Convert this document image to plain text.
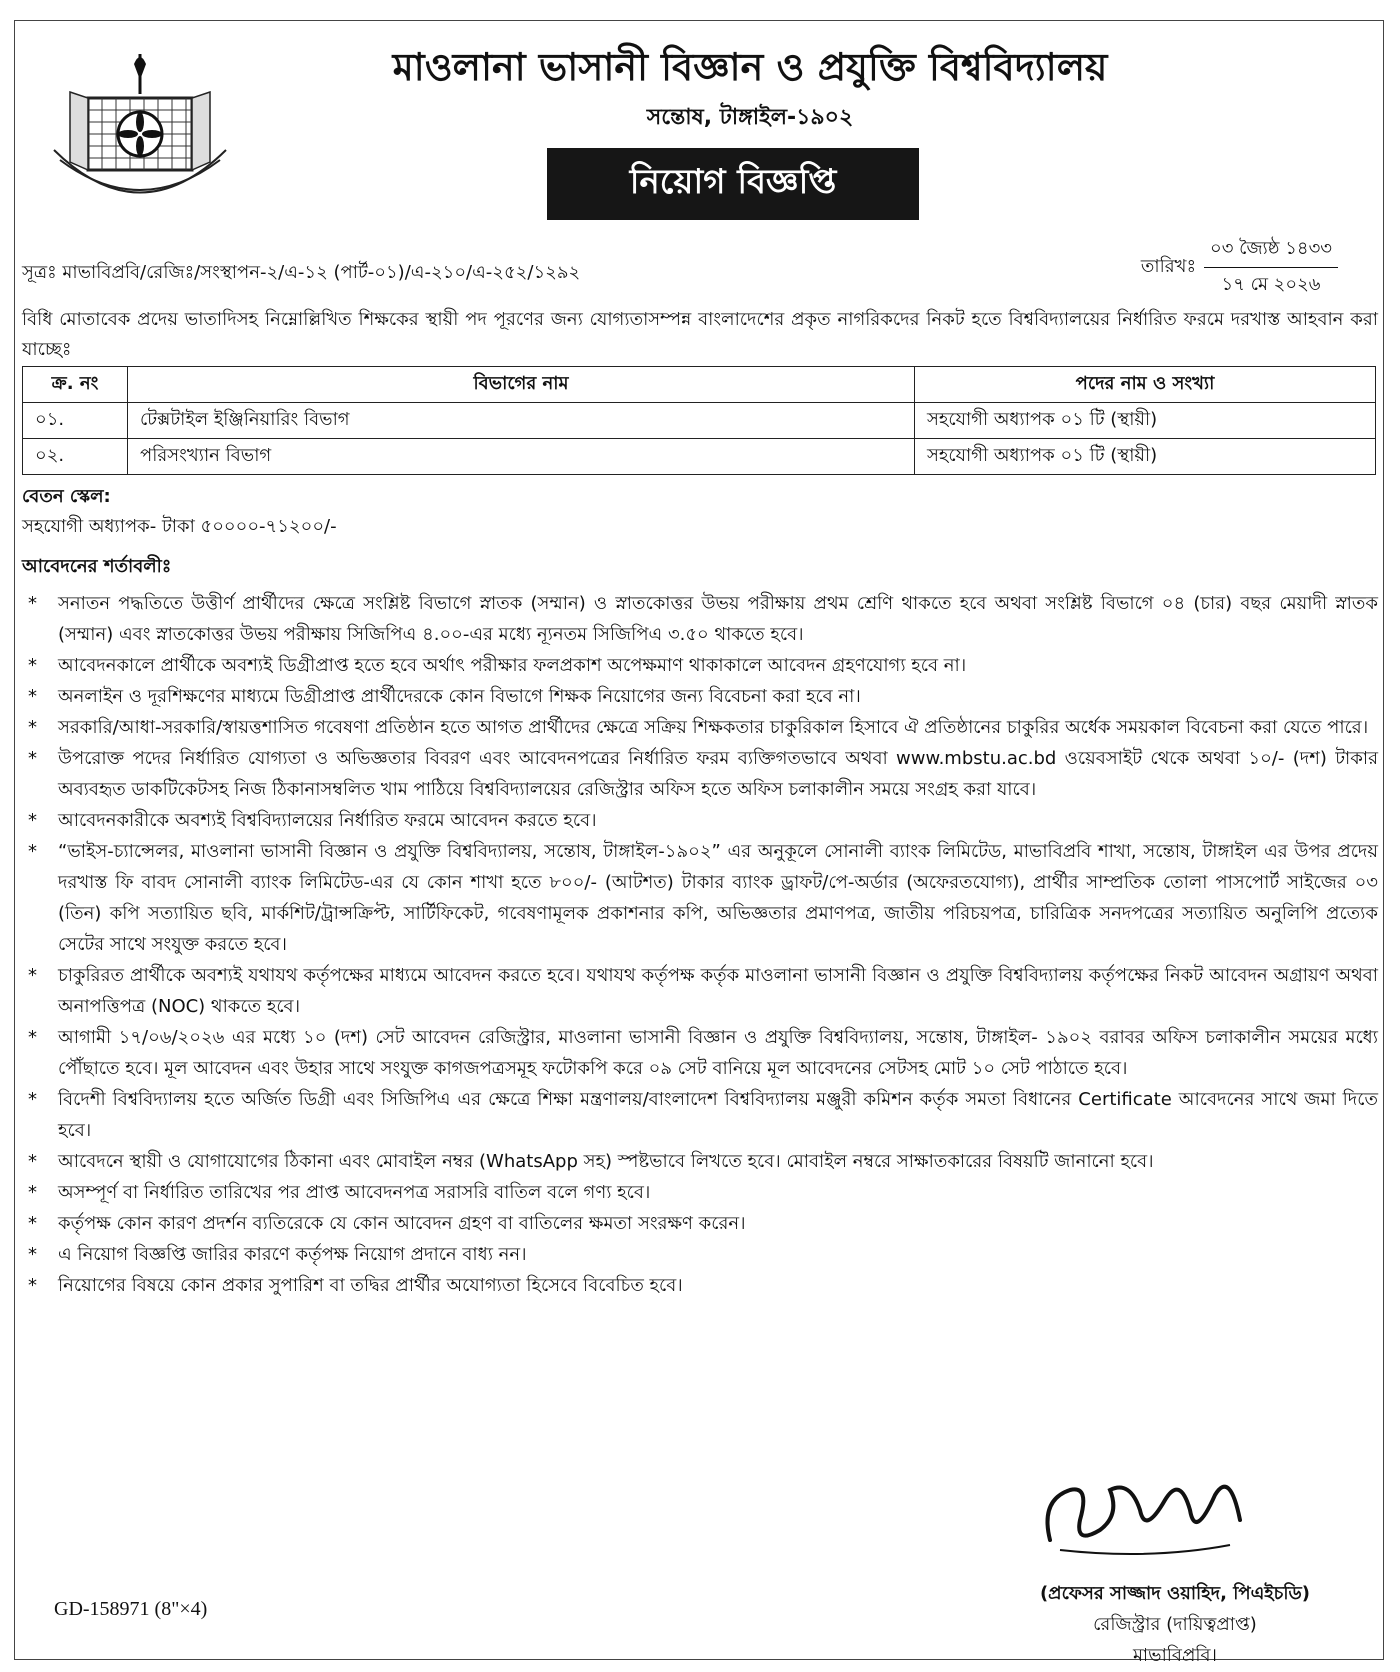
মাওলানা ভাসানী বিজ্ঞান ও প্রযুক্তি বিশ্ববিদ্যালয়
সন্তোষ, টাঙ্গাইল-১৯০২
নিয়োগ বিজ্ঞপ্তি
সূত্রঃ মাভাবিপ্রবি/রেজিঃ/সংস্থাপন-২/এ-১২ (পার্ট-০১)/এ-২১০/এ-২৫২/১২৯২	তারিখঃ
০৩ জ্যৈষ্ঠ ১৪৩৩
১৭ মে ২০২৬
বিধি মোতাবেক প্রদেয় ভাতাদিসহ নিম্নোল্লিখিত শিক্ষকের স্থায়ী পদ পূরণের জন্য যোগ্যতাসম্পন্ন বাংলাদেশের প্রকৃত নাগরিকদের নিকট হতে বিশ্ববিদ্যালয়ের নির্ধারিত ফরমে দরখাস্ত আহবান করা যাচ্ছেঃ
ক্র. নং	বিভাগের নাম	পদের নাম ও সংখ্যা
০১.	টেক্সটাইল ইঞ্জিনিয়ারিং বিভাগ	সহযোগী অধ্যাপক ০১ টি (স্থায়ী)
০২.	পরিসংখ্যান বিভাগ	সহযোগী অধ্যাপক ০১ টি (স্থায়ী)
বেতন স্কেল:
সহযোগী অধ্যাপক- টাকা ৫০০০০-৭১২০০/-
আবেদনের শর্তাবলীঃ
* সনাতন পদ্ধতিতে উত্তীর্ণ প্রার্থীদের ক্ষেত্রে সংশ্লিষ্ট বিভাগে স্নাতক (সম্মান) ও স্নাতকোত্তর উভয় পরীক্ষায় প্রথম শ্রেণি থাকতে হবে অথবা সংশ্লিষ্ট বিভাগে ০৪ (চার) বছর মেয়াদী স্নাতক (সম্মান) এবং স্নাতকোত্তর উভয় পরীক্ষায় সিজিপিএ ৪.০০-এর মধ্যে ন্যূনতম সিজিপিএ ৩.৫০ থাকতে হবে।
* আবেদনকালে প্রার্থীকে অবশ্যই ডিগ্রীপ্রাপ্ত হতে হবে অর্থাৎ পরীক্ষার ফলপ্রকাশ অপেক্ষমাণ থাকাকালে আবেদন গ্রহণযোগ্য হবে না।
* অনলাইন ও দূরশিক্ষণের মাধ্যমে ডিগ্রীপ্রাপ্ত প্রার্থীদেরকে কোন বিভাগে শিক্ষক নিয়োগের জন্য বিবেচনা করা হবে না।
* সরকারি/আধা-সরকারি/স্বায়ত্তশাসিত গবেষণা প্রতিষ্ঠান হতে আগত প্রার্থীদের ক্ষেত্রে সক্রিয় শিক্ষকতার চাকুরিকাল হিসাবে ঐ প্রতিষ্ঠানের চাকুরির অর্ধেক সময়কাল বিবেচনা করা যেতে পারে।
* উপরোক্ত পদের নির্ধারিত যোগ্যতা ও অভিজ্ঞতার বিবরণ এবং আবেদনপত্রের নির্ধারিত ফরম ব্যক্তিগতভাবে অথবা www.mbstu.ac.bd ওয়েবসাইট থেকে অথবা ১০/- (দশ) টাকার অব্যবহৃত ডাকটিকেটসহ নিজ ঠিকানাসম্বলিত খাম পাঠিয়ে বিশ্ববিদ্যালয়ের রেজিস্ট্রার অফিস হতে অফিস চলাকালীন সময়ে সংগ্রহ করা যাবে।
* আবেদনকারীকে অবশ্যই বিশ্ববিদ্যালয়ের নির্ধারিত ফরমে আবেদন করতে হবে।
* “ভাইস-চ্যান্সেলর, মাওলানা ভাসানী বিজ্ঞান ও প্রযুক্তি বিশ্ববিদ্যালয়, সন্তোষ, টাঙ্গাইল-১৯০২” এর অনুকূলে সোনালী ব্যাংক লিমিটেড, মাভাবিপ্রবি শাখা, সন্তোষ, টাঙ্গাইল এর উপর প্রদেয় দরখাস্ত ফি বাবদ সোনালী ব্যাংক লিমিটেড-এর যে কোন শাখা হতে ৮০০/- (আটশত) টাকার ব্যাংক ড্রাফট/পে-অর্ডার (অফেরতযোগ্য), প্রার্থীর সাম্প্রতিক তোলা পাসপোর্ট সাইজের ০৩ (তিন) কপি সত্যায়িত ছবি, মার্কশিট/ট্রান্সক্রিপ্ট, সার্টিফিকেট, গবেষণামূলক প্রকাশনার কপি, অভিজ্ঞতার প্রমাণপত্র, জাতীয় পরিচয়পত্র, চারিত্রিক সনদপত্রের সত্যায়িত অনুলিপি প্রত্যেক সেটের সাথে সংযুক্ত করতে হবে।
* চাকুরিরত প্রার্থীকে অবশ্যই যথাযথ কর্তৃপক্ষের মাধ্যমে আবেদন করতে হবে। যথাযথ কর্তৃপক্ষ কর্তৃক মাওলানা ভাসানী বিজ্ঞান ও প্রযুক্তি বিশ্ববিদ্যালয় কর্তৃপক্ষের নিকট আবেদন অগ্রায়ণ অথবা অনাপত্তিপত্র (NOC) থাকতে হবে।
* আগামী ১৭/০৬/২০২৬ এর মধ্যে ১০ (দশ) সেট আবেদন রেজিস্ট্রার, মাওলানা ভাসানী বিজ্ঞান ও প্রযুক্তি বিশ্ববিদ্যালয়, সন্তোষ, টাঙ্গাইল- ১৯০২ বরাবর অফিস চলাকালীন সময়ের মধ্যে পৌঁছাতে হবে। মূল আবেদন এবং উহার সাথে সংযুক্ত কাগজপত্রসমূহ ফটোকপি করে ০৯ সেট বানিয়ে মূল আবেদনের সেটসহ মোট ১০ সেট পাঠাতে হবে।
* বিদেশী বিশ্ববিদ্যালয় হতে অর্জিত ডিগ্রী এবং সিজিপিএ এর ক্ষেত্রে শিক্ষা মন্ত্রণালয়/বাংলাদেশ বিশ্ববিদ্যালয় মঞ্জুরী কমিশন কর্তৃক সমতা বিধানের Certificate আবেদনের সাথে জমা দিতে হবে।
* আবেদনে স্থায়ী ও যোগাযোগের ঠিকানা এবং মোবাইল নম্বর (WhatsApp সহ) স্পষ্টভাবে লিখতে হবে। মোবাইল নম্বরে সাক্ষাতকারের বিষয়টি জানানো হবে।
* অসম্পূর্ণ বা নির্ধারিত তারিখের পর প্রাপ্ত আবেদনপত্র সরাসরি বাতিল বলে গণ্য হবে।
* কর্তৃপক্ষ কোন কারণ প্রদর্শন ব্যতিরেকে যে কোন আবেদন গ্রহণ বা বাতিলের ক্ষমতা সংরক্ষণ করেন।
* এ নিয়োগ বিজ্ঞপ্তি জারির কারণে কর্তৃপক্ষ নিয়োগ প্রদানে বাধ্য নন।
* নিয়োগের বিষয়ে কোন প্রকার সুপারিশ বা তদ্বির প্রার্থীর অযোগ্যতা হিসেবে বিবেচিত হবে।
(প্রফেসর সাজ্জাদ ওয়াহিদ, পিএইচডি)
রেজিস্ট্রার (দায়িত্বপ্রাপ্ত)
মাভাবিপ্রবি।
GD-158971 (8"×4)
